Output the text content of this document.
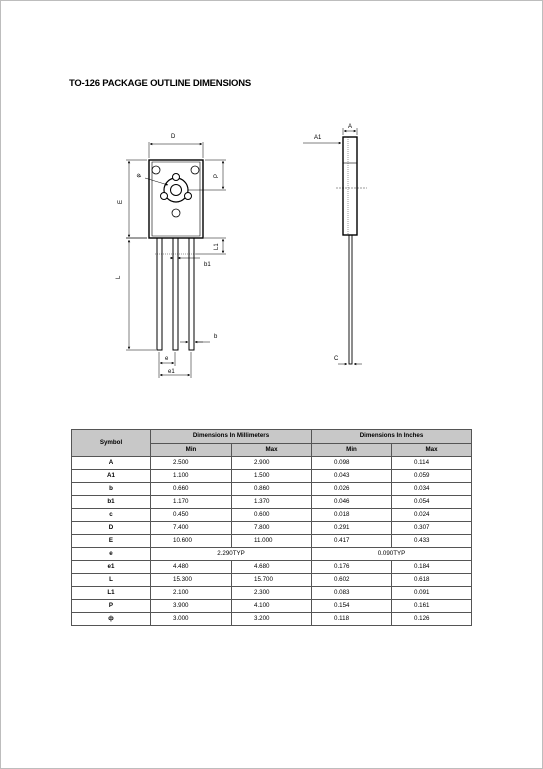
TO-126 PACKAGE OUTLINE DIMENSIONS
D
P
E
φ
L1
b1
L
b
e
e1
A
A1
C
Symbol	Dimensions In Millimeters		Dimensions In Inches	
	Min	Max	Min	Max
A	2.500	2.900	0.098	0.114
A1	1.100	1.500	0.043	0.059
b	0.660	0.860	0.026	0.034
b1	1.170	1.370	0.046	0.054
c	0.450	0.600	0.018	0.024
D	7.400	7.800	0.291	0.307
E	10.600	11.000	0.417	0.433
e	2.290TYP		0.090TYP	
e1	4.480	4.680	0.176	0.184
L	15.300	15.700	0.602	0.618
L1	2.100	2.300	0.083	0.091
P	3.900	4.100	0.154	0.161
ф	3.000	3.200	0.118	0.126
